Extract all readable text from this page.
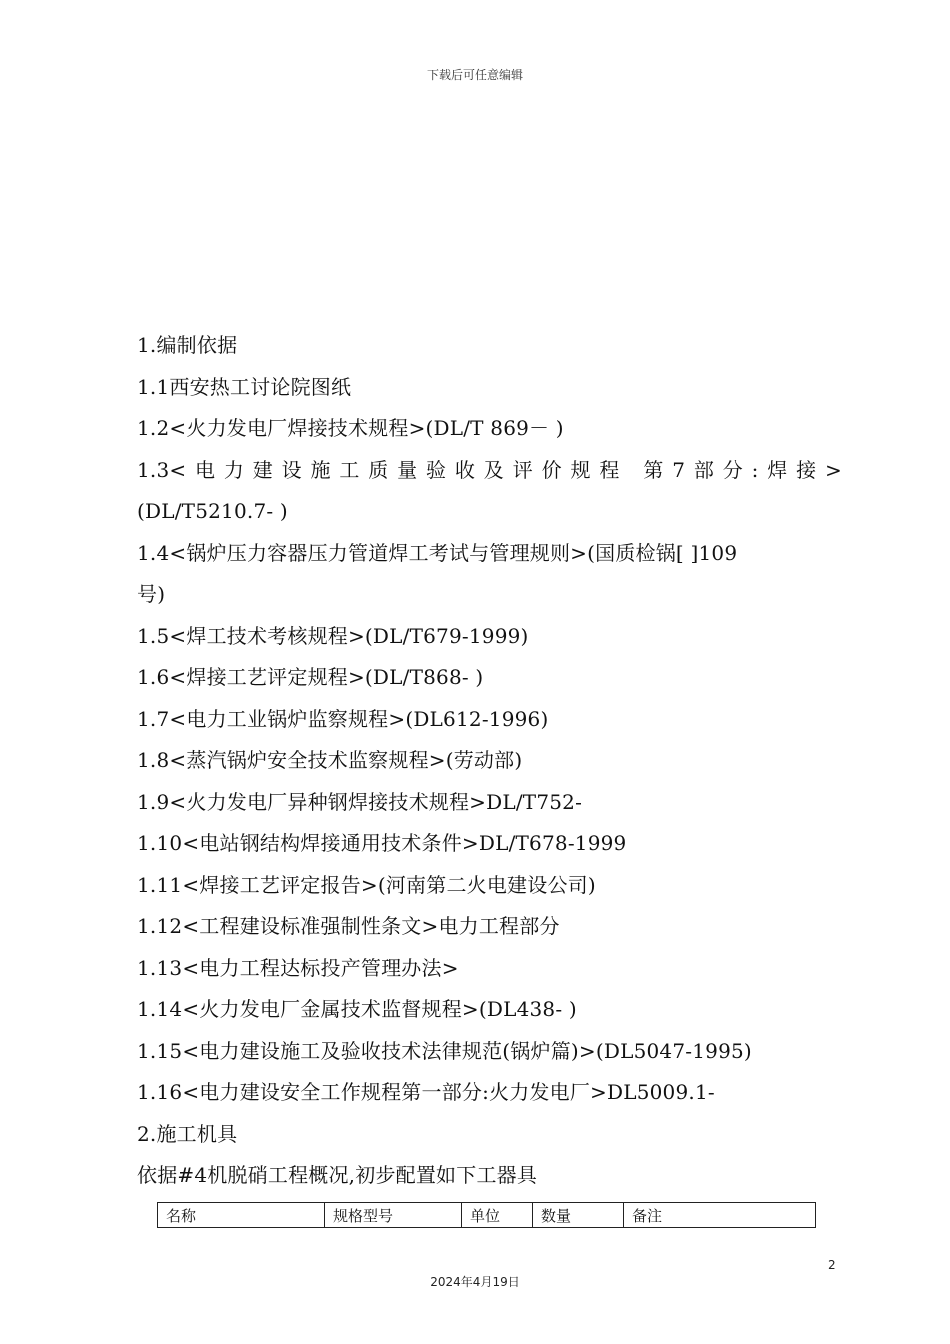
下载后可任意编辑
1.编制依据
1.1西安热工讨论院图纸
1.2<火力发电厂焊接技术规程>(DL/T 869－ )
1.3<电力建设施工质量验收及评价规程 第7部分:焊接>
(DL/T5210.7- )
1.4<锅炉压力容器压力管道焊工考试与管理规则>(国质检锅[ ]109
号)
1.5<焊工技术考核规程>(DL/T679-1999)
1.6<焊接工艺评定规程>(DL/T868- )
1.7<电力工业锅炉监察规程>(DL612-1996)
1.8<蒸汽锅炉安全技术监察规程>(劳动部)
1.9<火力发电厂异种钢焊接技术规程>DL/T752-
1.10<电站钢结构焊接通用技术条件>DL/T678-1999
1.11<焊接工艺评定报告>(河南第二火电建设公司)
1.12<工程建设标准强制性条文>电力工程部分
1.13<电力工程达标投产管理办法>
1.14<火力发电厂金属技术监督规程>(DL438- )
1.15<电力建设施工及验收技术法律规范(锅炉篇)>(DL5047-1995)
1.16<电力建设安全工作规程第一部分:火力发电厂>DL5009.1-
2.施工机具
依据#4机脱硝工程概况,初步配置如下工器具
名称	规格型号	单位	数量	备注
2
2024年4月19日
